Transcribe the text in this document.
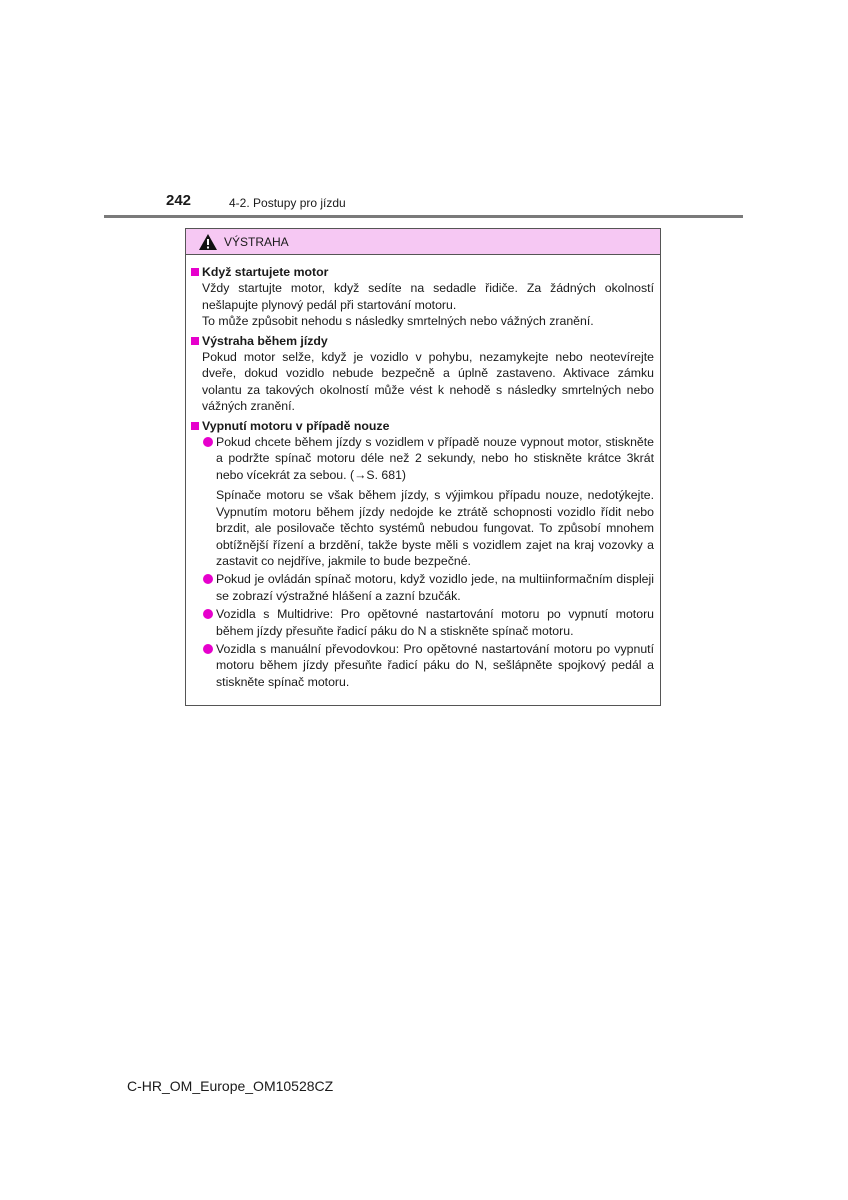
242	4-2. Postupy pro jízdu
VÝSTRAHA
Když startujete motor
Vždy startujte motor, když sedíte na sedadle řidiče. Za žádných okolností nešlapujte plynový pedál při startování motoru.
To může způsobit nehodu s následky smrtelných nebo vážných zranění.
Výstraha během jízdy
Pokud motor selže, když je vozidlo v pohybu, nezamykejte nebo neotevírejte dveře, dokud vozidlo nebude bezpečně a úplně zastaveno. Aktivace zámku volantu za takových okolností může vést k nehodě s následky smrtelných nebo vážných zranění.
Vypnutí motoru v případě nouze

Pokud chcete během jízdy s vozidlem v případě nouze vypnout motor, stiskněte a podržte spínač motoru déle než 2 sekundy, nebo ho stiskněte krátce 3krát nebo vícekrát za sebou. (→S. 681)

Spínače motoru se však během jízdy, s výjimkou případu nouze, nedotýkejte. Vypnutím motoru během jízdy nedojde ke ztrátě schopnosti vozidlo řídit nebo brzdit, ale posilovače těchto systémů nebudou fungovat. To způsobí mnohem obtížnější řízení a brzdění, takže byste měli s vozidlem zajet na kraj vozovky a zastavit co nejdříve, jakmile to bude bezpečné.

Pokud je ovládán spínač motoru, když vozidlo jede, na multiinformačním displeji se zobrazí výstražné hlášení a zazní bzučák.

Vozidla s Multidrive: Pro opětovné nastartování motoru po vypnutí motoru během jízdy přesuňte řadicí páku do N a stiskněte spínač motoru.

Vozidla s manuální převodovkou: Pro opětovné nastartování motoru po vypnutí motoru během jízdy přesuňte řadicí páku do N, sešlápněte spojkový pedál a stiskněte spínač motoru.

C-HR_OM_Europe_OM10528CZ
